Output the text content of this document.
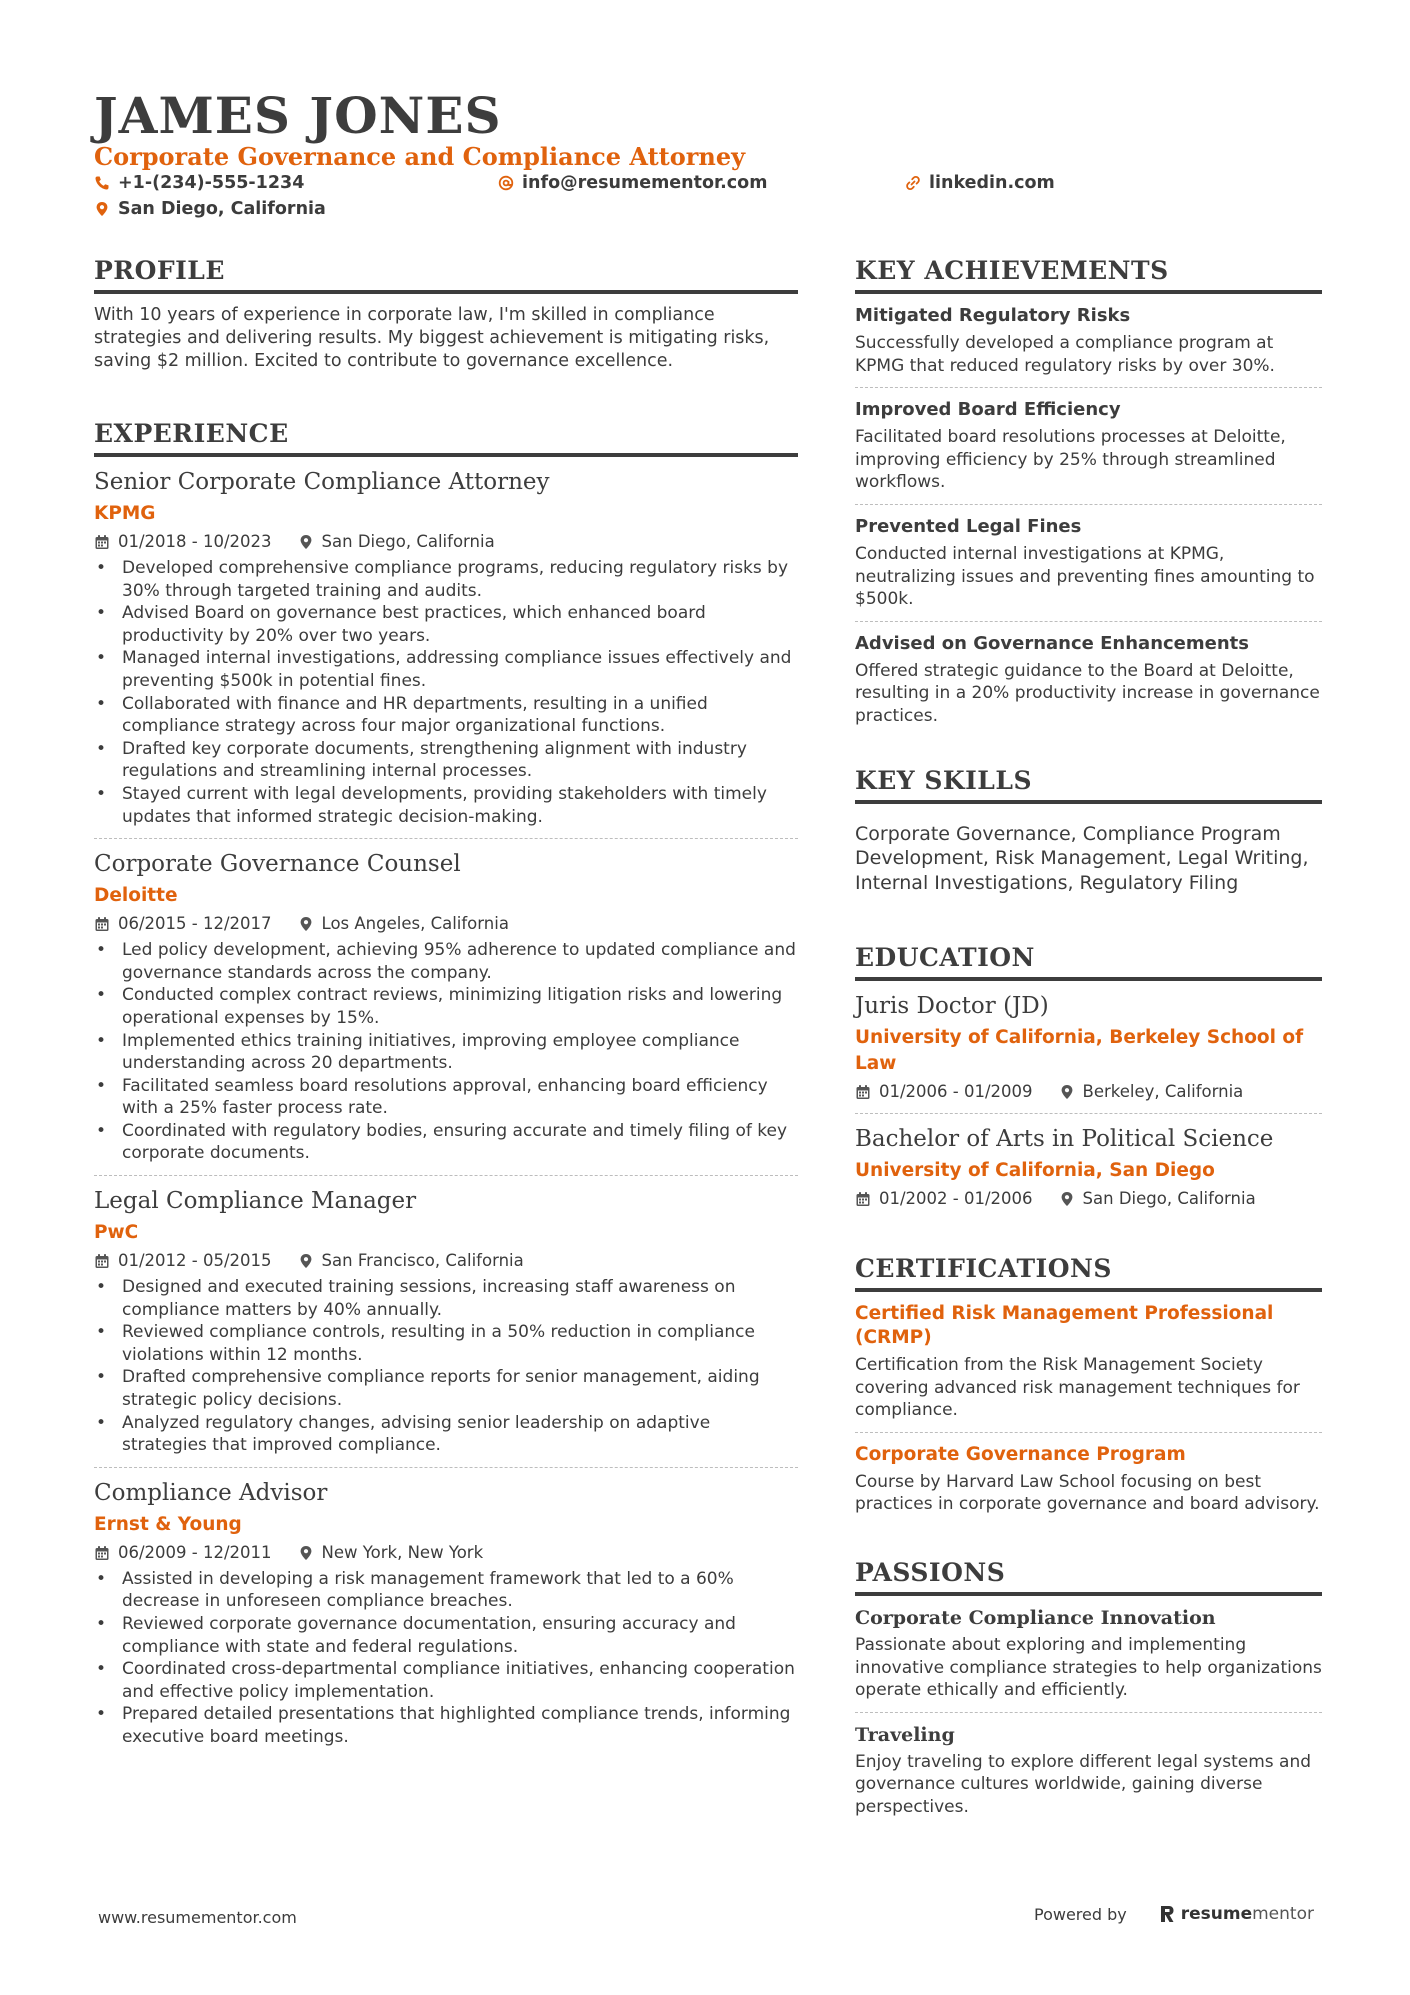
JAMES JONES
Corporate Governance and Compliance Attorney
+1-(234)-555-1234	info@resumementor.com	linkedin.com
San Diego, California
PROFILE

With 10 years of experience in corporate law, I'm skilled in compliance strategies and delivering results. My biggest achievement is mitigating risks, saving $2 million. Excited to contribute to governance excellence.

EXPERIENCE
Senior Corporate Compliance Attorney
KPMG
01/2018 - 10/2023	San Diego, California
• Developed comprehensive compliance programs, reducing regulatory risks by 30% through targeted training and audits.
• Advised Board on governance best practices, which enhanced board productivity by 20% over two years.
• Managed internal investigations, addressing compliance issues effectively and preventing $500k in potential fines.
• Collaborated with finance and HR departments, resulting in a unified compliance strategy across four major organizational functions.
• Drafted key corporate documents, strengthening alignment with industry regulations and streamlining internal processes.
• Stayed current with legal developments, providing stakeholders with timely updates that informed strategic decision-making.
Corporate Governance Counsel
Deloitte
06/2015 - 12/2017	Los Angeles, California
• Led policy development, achieving 95% adherence to updated compliance and governance standards across the company.
• Conducted complex contract reviews, minimizing litigation risks and lowering operational expenses by 15%.
• Implemented ethics training initiatives, improving employee compliance understanding across 20 departments.
• Facilitated seamless board resolutions approval, enhancing board efficiency with a 25% faster process rate.
• Coordinated with regulatory bodies, ensuring accurate and timely filing of key corporate documents.
Legal Compliance Manager
PwC
01/2012 - 05/2015	San Francisco, California
• Designed and executed training sessions, increasing staff awareness on compliance matters by 40% annually.
• Reviewed compliance controls, resulting in a 50% reduction in compliance violations within 12 months.
• Drafted comprehensive compliance reports for senior management, aiding strategic policy decisions.
• Analyzed regulatory changes, advising senior leadership on adaptive strategies that improved compliance.
Compliance Advisor
Ernst & Young
06/2009 - 12/2011	New York, New York
• Assisted in developing a risk management framework that led to a 60% decrease in unforeseen compliance breaches.
• Reviewed corporate governance documentation, ensuring accuracy and compliance with state and federal regulations.
• Coordinated cross-departmental compliance initiatives, enhancing cooperation and effective policy implementation.
• Prepared detailed presentations that highlighted compliance trends, informing executive board meetings.
KEY ACHIEVEMENTS
Mitigated Regulatory Risks

Successfully developed a compliance program at KPMG that reduced regulatory risks by over 30%.

Improved Board Efficiency

Facilitated board resolutions processes at Deloitte, improving efficiency by 25% through streamlined workflows.

Prevented Legal Fines

Conducted internal investigations at KPMG, neutralizing issues and preventing fines amounting to $500k.

Advised on Governance Enhancements

Offered strategic guidance to the Board at Deloitte, resulting in a 20% productivity increase in governance practices.

KEY SKILLS

Corporate Governance, Compliance Program Development, Risk Management, Legal Writing, Internal Investigations, Regulatory Filing

EDUCATION
Juris Doctor (JD)
University of California, Berkeley School of Law
01/2006 - 01/2009	Berkeley, California
Bachelor of Arts in Political Science
University of California, San Diego
01/2002 - 01/2006	San Diego, California
CERTIFICATIONS
Certified Risk Management Professional (CRMP)

Certification from the Risk Management Society covering advanced risk management techniques for compliance.

Corporate Governance Program

Course by Harvard Law School focusing on best practices in corporate governance and board advisory.

PASSIONS
Corporate Compliance Innovation

Passionate about exploring and implementing innovative compliance strategies to help organizations operate ethically and efficiently.

Traveling

Enjoy traveling to explore different legal systems and governance cultures worldwide, gaining diverse perspectives.

www.resumementor.com	Powered by	resume mentor
